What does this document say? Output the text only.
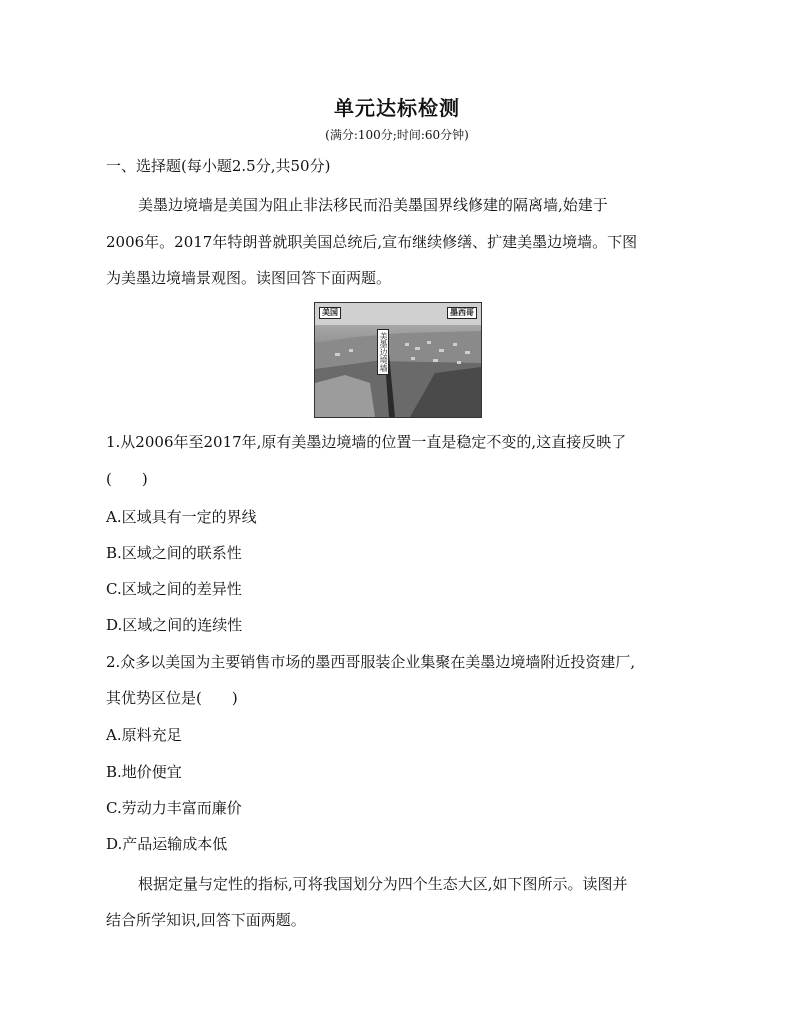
单元达标检测
(满分:100分;时间:60分钟)
一、选择题(每小题2.5分,共50分)
美墨边境墙是美国为阻止非法移民而沿美墨国界线修建的隔离墙,始建于
2006年。2017年特朗普就职美国总统后,宣布继续修缮、扩建美墨边境墙。下图
为美墨边境墙景观图。读图回答下面两题。
美国	墨西哥
美墨边境墙
1.从2006年至2017年,原有美墨边境墙的位置一直是稳定不变的,这直接反映了
(　　)
A.区域具有一定的界线
B.区域之间的联系性
C.区域之间的差异性
D.区域之间的连续性
2.众多以美国为主要销售市场的墨西哥服装企业集聚在美墨边境墙附近投资建厂,
其优势区位是(　　)
A.原料充足
B.地价便宜
C.劳动力丰富而廉价
D.产品运输成本低
根据定量与定性的指标,可将我国划分为四个生态大区,如下图所示。读图并
结合所学知识,回答下面两题。
